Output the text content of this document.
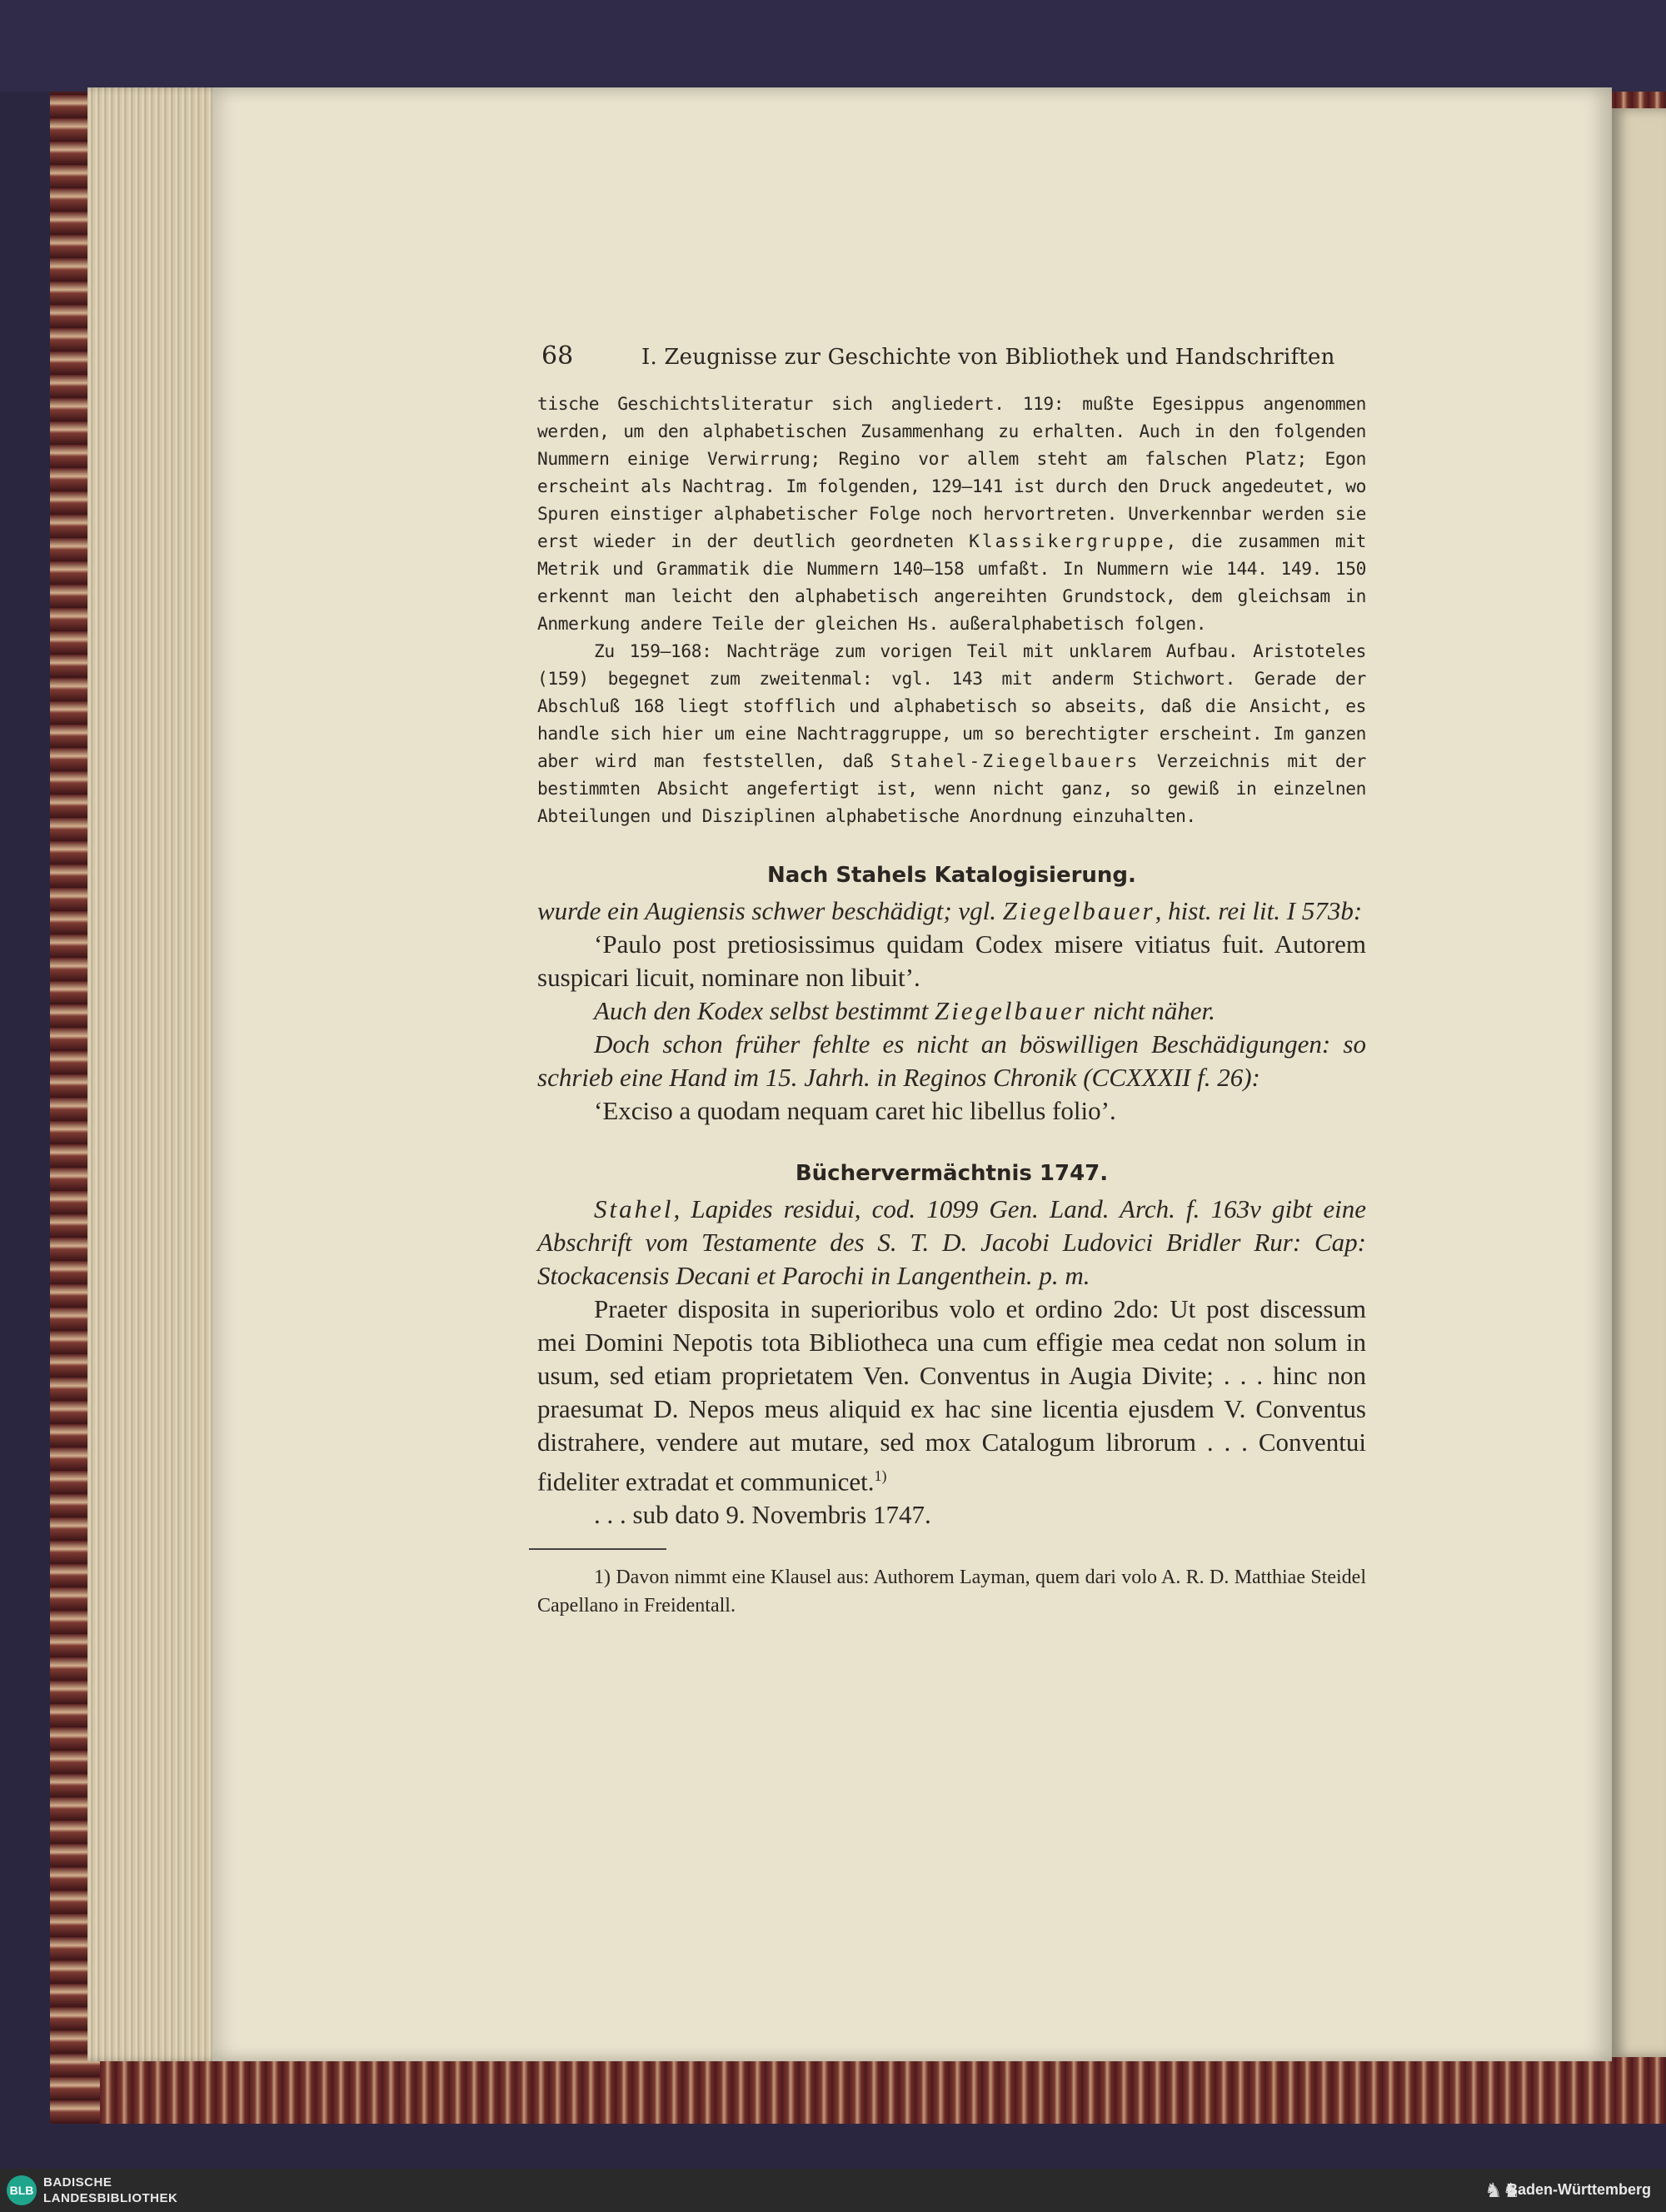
68	I. Zeugnisse zur Geschichte von Bibliothek und Handschriften

tische Geschichtsliteratur sich angliedert. 119: mußte Egesippus angenommen werden, um den alphabetischen Zusammenhang zu erhalten. Auch in den folgenden Nummern einige Verwirrung; Regino vor allem steht am falschen Platz; Egon erscheint als Nachtrag. Im folgenden, 129—141 ist durch den Druck angedeutet, wo Spuren einstiger alphabetischer Folge noch hervortreten. Unverkennbar werden sie erst wieder in der deutlich geordneten Klassikergruppe, die zusammen mit Metrik und Grammatik die Nummern 140—158 umfaßt. In Nummern wie 144. 149. 150 erkennt man leicht den alphabetisch angereihten Grundstock, dem gleichsam in Anmerkung andere Teile der gleichen Hs. außeralphabetisch folgen.

Zu 159—168: Nachträge zum vorigen Teil mit unklarem Aufbau. Aristoteles (159) begegnet zum zweitenmal: vgl. 143 mit anderm Stichwort. Gerade der Abschluß 168 liegt stofflich und alphabetisch so abseits, daß die Ansicht, es handle sich hier um eine Nachtraggruppe, um so berechtigter erscheint. Im ganzen aber wird man feststellen, daß Stahel-Ziegelbauers Verzeichnis mit der bestimmten Absicht angefertigt ist, wenn nicht ganz, so gewiß in einzelnen Abteilungen und Disziplinen alphabetische Anordnung einzuhalten.

Nach Stahels Katalogisierung.

wurde ein Augiensis schwer beschädigt; vgl. Ziegelbauer, hist. rei lit. I 573b:

‘Paulo post pretiosissimus quidam Codex misere vitiatus fuit. Autorem suspicari licuit, nominare non libuit’.

Auch den Kodex selbst bestimmt Ziegelbauer nicht näher.

Doch schon früher fehlte es nicht an böswilligen Beschädigungen: so schrieb eine Hand im 15. Jahrh. in Reginos Chronik (CCXXXII f. 26):

‘Exciso a quodam nequam caret hic libellus folio’.

Büchervermächtnis 1747.

Stahel, Lapides residui, cod. 1099 Gen. Land. Arch. f. 163v gibt eine Abschrift vom Testamente des S. T. D. Jacobi Ludovici Bridler Rur: Cap: Stockacensis Decani et Parochi in Langenthein. p. m.

Praeter disposita in superioribus volo et ordino 2do: Ut post discessum mei Domini Nepotis tota Bibliotheca una cum effigie mea cedat non solum in usum, sed etiam proprietatem Ven. Conventus in Augia Divite; . . . hinc non praesumat D. Nepos meus aliquid ex hac sine licentia ejusdem V. Conventus distrahere, vendere aut mutare, sed mox Catalogum librorum . . . Conventui fideliter extradat et communicet.$^{1)}$

. . . sub dato 9. Novembris 1747.

1) Davon nimmt eine Klausel aus: Authorem Layman, quem dari volo A. R. D. Matthiae Steidel Capellano in Freidentall.

BLB
BADISCHE
LANDESBIBLIOTHEK	♞♞
Baden-Württemberg
